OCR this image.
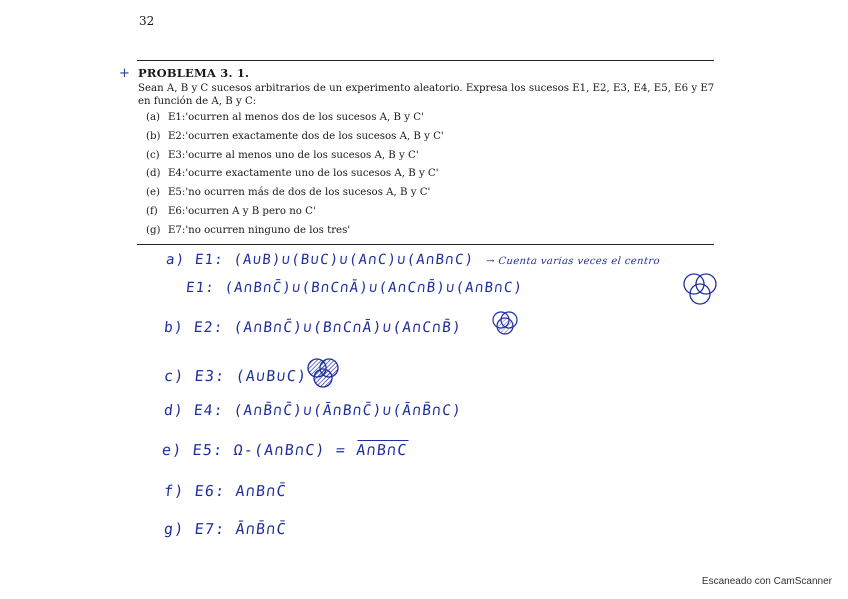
32
+ PROBLEMA 3. 1.
Sean A, B y C sucesos arbitrarios de un experimento aleatorio. Expresa los sucesos E1, E2, E3, E4, E5, E6 y E7 en función de A, B y C:
(a) E1:'ocurren al menos dos de los sucesos A, B y C'
(b) E2:'ocurren exactamente dos de los sucesos A, B y C'
(c) E3:'ocurre al menos uno de los sucesos A, B y C'
(d) E4:'ocurre exactamente uno de los sucesos A, B y C'
(e) E5:'no ocurren más de dos de los sucesos A, B y C'
(f) E6:'ocurren A y B pero no C'
(g) E7:'no ocurren ninguno de los tres'
a) E1: (A∪B)∪(B∪C)∪(A∩C)∪(A∩B∩C) → Cuenta varias veces el centro
E1: (A∩B∩C̄)∪(B∩C∩Ā)∪(A∩C∩B̄)∪(A∩B∩C)
b) E2: (A∩B∩C̄)∪(B∩C∩Ā)∪(A∩C∩B̄)
c) E3: (A∪B∪C)
d) E4: (A∩B̄∩C̄)∪(Ā∩B∩C̄)∪(Ā∩B̄∩C)
e) E5: Ω-(A∩B∩C) = A∩B∩C
f) E6: A∩B∩C̄
g) E7: Ā∩B̄∩C̄
Escaneado con CamScanner
